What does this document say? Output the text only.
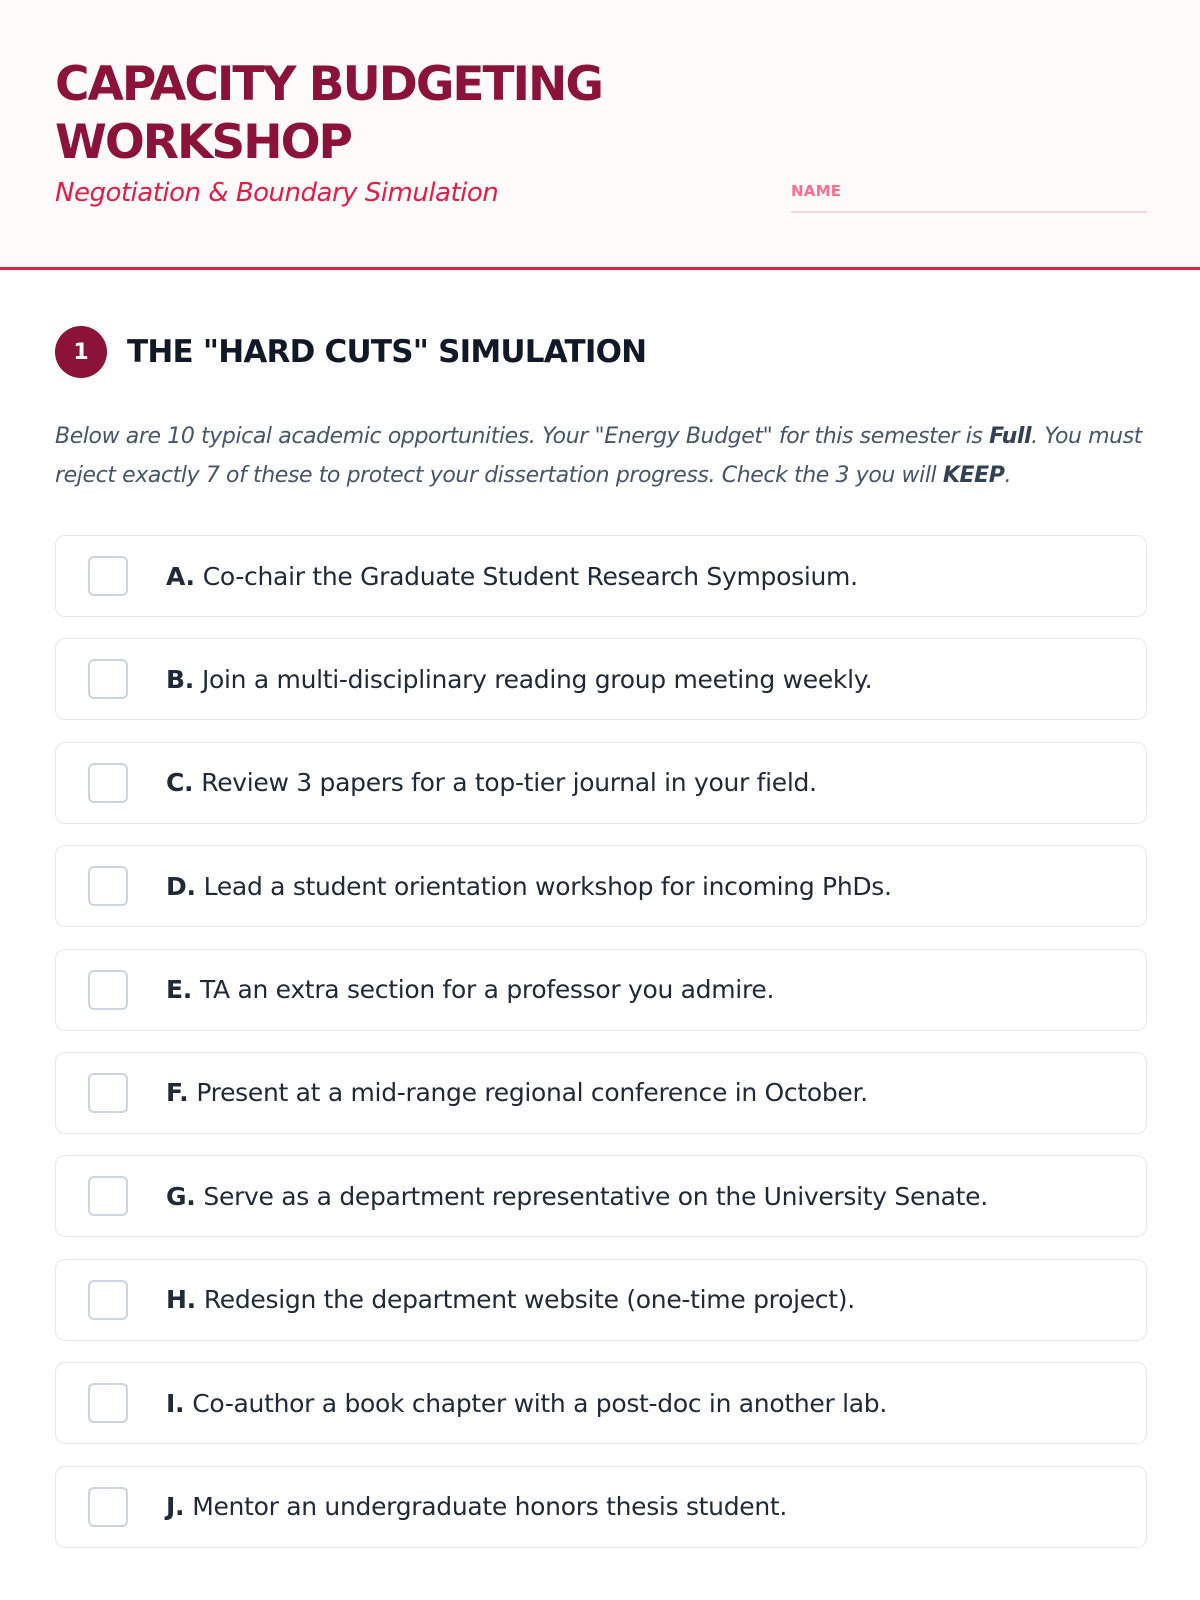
CAPACITY BUDGETING WORKSHOP
Negotiation & Boundary Simulation	NAME
1	THE "HARD CUTS" SIMULATION

Below are 10 typical academic opportunities. Your "Energy Budget" for this semester is Full. You must reject exactly 7 of these to protect your dissertation progress. Check the 3 you will KEEP.

A. Co-chair the Graduate Student Research Symposium.
B. Join a multi-disciplinary reading group meeting weekly.
C. Review 3 papers for a top-tier journal in your field.
D. Lead a student orientation workshop for incoming PhDs.
E. TA an extra section for a professor you admire.
F. Present at a mid-range regional conference in October.
G. Serve as a department representative on the University Senate.
H. Redesign the department website (one-time project).
I. Co-author a book chapter with a post-doc in another lab.
J. Mentor an undergraduate honors thesis student.
